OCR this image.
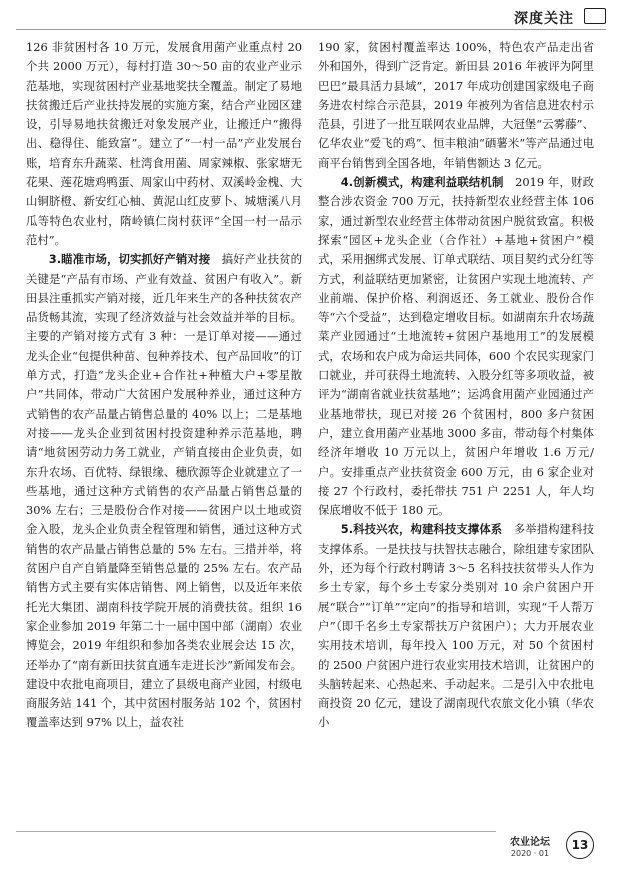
深度关注

126 非贫困村各 10 万元，发展食用菌产业重点村 20 个共 2000 万元），每村打造 30～50 亩的农业产业示范基地，实现贫困村产业基地奖扶全覆盖。制定了易地扶贫搬迁后产业扶持发展的实施方案，结合产业园区建设，引导易地扶贫搬迁对象发展产业，让搬迁户“搬得出、稳得住、能致富”。建立了“一村一品”产业发展台账，培育东升蔬菜、杜湾食用菌、周家辣椒、张家塘无花果、莲花塘鸡鸭蛋、周家山中药材、双溪岭金槐、大山铜脐橙、新安红心柚、黄泥山红皮萝卜、城塘溪八月瓜等特色农业村，隋岭镇仁岗村获评“全国一村一品示范村”。

3.瞄准市场，切实抓好产销对接　 搞好产业扶贫的关键是“产品有市场、产业有效益、贫困户有收入”。新田县注重抓实产销对接，近几年来生产的各种扶贫农产品货畅其流，实现了经济效益与社会效益并举的目标。主要的产销对接方式有 3 种：一是订单对接——通过龙头企业“包提供种苗、包种养技术、包产品回收”的订单方式，打造“龙头企业+合作社+种植大户+零星散户”共同体，带动广大贫困户发展种养业，通过这种方式销售的农产品量占销售总量的 40% 以上；二是基地对接——龙头企业到贫困村投资建种养示范基地，聘请“地贫困劳动力务工就业，产销直接由企业负责，如东升农场、百优特、绿银缘、穗欣源等企业就建立了一些基地，通过这种方式销售的农产品量占销售总量的 30% 左右；三是股份合作对接——贫困户以土地或资金入股，龙头企业负责全程管理和销售，通过这种方式销售的农产品量占销售总量的 5% 左右。三措并举，将贫困户自产自销量降至销售总量的 25% 左右。农产品销售方式主要有实体店销售、网上销售，以及近年来依托光大集团、湖南科技学院开展的消费扶贫。组织 16 家企业参加 2019 年第二十一届中国中部（湖南）农业博览会，2019 年组织和参加各类农业展会达 15 次，还举办了“南有新田扶贫直通车走进长沙”新闻发布会。建设中农批电商项目，建立了县级电商产业园，村级电商服务站 141 个，其中贫困村服务站 102 个，贫困村覆盖率达到 97% 以上，益农社

190 家，贫困村覆盖率达 100%，特色农产品走出省外和国外，得到广泛肯定。新田县 2016 年被评为阿里巴巴“最具活力县域”，2017 年成功创建国家级电子商务进农村综合示范县，2019 年被列为省信息进农村示范县，引进了一批互联网农业品牌，大冠堡“云雾藤”、亿华农业“爱飞的鸡”、恒丰粮油“硒薯米”等产品通过电商平台销售到全国各地，年销售额达 3 亿元。

4.创新模式，构建利益联结机制　 2019 年，财政整合涉农资金 700 万元，扶持新型农业经营主体 106 家，通过新型农业经营主体带动贫困户脱贫致富。积极探索“园区+龙头企业（合作社）+基地+贫困户”模式，采用捆绑式发展、订单式联结、项目契约式分红等方式，利益联结更加紧密，让贫困户实现土地流转、产业前端、保护价格、利润返还、务工就业、股份合作等“六个受益”，达到稳定增收目标。如湖南东升农场蔬菜产业园通过“土地流转+贫困户基地用工”的发展模式，农场和农户成为命运共同体，600 个农民实现家门口就业，并可获得土地流转、入股分红等多项收益，被评为“湖南省就业扶贫基地”；运鸿食用菌产业园通过产业基地带扶，现已对接 26 个贫困村，800 多户贫困户，建立食用菌产业基地 3000 多亩，带动每个村集体经济年增收 10 万元以上，贫困户年增收 1.6 万元/户。安排重点产业扶贫资金 600 万元，由 6 家企业对接 27 个行政村，委托带扶 751 户 2251 人，年人均保底增收不低于 180 元。

5.科技兴农，构建科技支撑体系　 多举措构建科技支撑体系。一是扶技与扶智扶志融合，除组建专家团队外，还为每个行政村聘请 3～5 名科技扶贫带头人作为乡土专家，每个乡土专家分类别对 10 余户贫困户开展“联合”“订单”“定向”的指导和培训，实现“千人帮万户”（即千名乡土专家帮扶万户贫困户）；大力开展农业实用技术培训，每年投入 100 万元，对 50 个贫困村的 2500 户贫困户进行农业实用技术培训，让贫困户的头脑转起来、心热起来、手动起来。二是引入中农批电商投资 20 亿元，建设了湖南现代农旅文化小镇（华农小

农业论坛
2020 · 01
13
